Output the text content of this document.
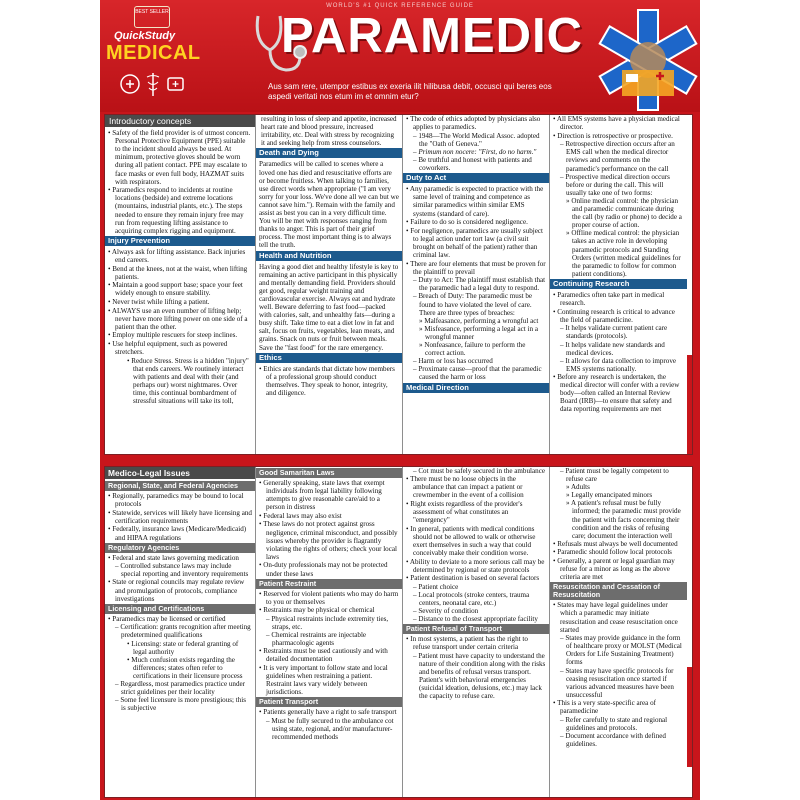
WORLD'S #1 QUICK REFERENCE GUIDE
BEST SELLER
QuickStudy
MEDICAL	PARAMEDIC
Aus sam rere, utempor estibus ex exeria ilit hilibusa debit, occusci qui beres eos aspedi veritati nos etum im et omnim etur?
Introductory concepts
• Safety of the field provider is of utmost concern. Personal Protective Equipment (PPE) suitable to the incident should always be used. At minimum, protective gloves should be worn during all patient contact. PPE may escalate to face masks or even full body, HAZMAT suits with respirators.
• Paramedics respond to incidents at routine locations (bedside) and extreme locations (mountains, industrial plants, etc.). The steps needed to ensure they remain injury free may run from requesting lifting assistance to acquiring complex rigging and equipment.
Injury Prevention
• Always ask for lifting assistance. Back injuries end careers.
• Bend at the knees, not at the waist, when lifting patients.
• Maintain a good support base; space your feet widely enough to ensure stability.
• Never twist while lifting a patient.
• ALWAYS use an even number of lifting help; never have more lifting power on one side of a patient than the other.
• Employ multiple rescuers for steep inclines.
• Use helpful equipment, such as powered stretchers.
• Reduce Stress. Stress is a hidden "injury" that ends careers. We routinely interact with patients and deal with their (and perhaps our) worst nightmares. Over time, this continual bombardment of stressful situations will take its toll,
resulting in loss of sleep and appetite, increased heart rate and blood pressure, increased irritability, etc. Deal with stress by recognizing it and seeking help from stress counselors.
Death and Dying
Paramedics will be called to scenes where a loved one has died and resuscitative efforts are or become fruitless. When talking to families, use direct words when appropriate ("I am very sorry for your loss. We've done all we can but we cannot save him."). Remain with the family and assist as best you can in a very difficult time. You will be met with responses ranging from thanks to anger. This is part of their grief process. The most important thing is to always tell the truth.
Health and Nutrition
Having a good diet and healthy lifestyle is key to remaining an active participant in this physically and mentally demanding field. Providers should get good, regular weight training and cardiovascular exercise. Always eat and hydrate well. Beware deferring to fast food—packed with calories, salt, and unhealthy fats—during a busy shift. Take time to eat a diet low in fat and salt, focus on fruits, vegetables, lean meats, and grains. Snack on nuts or fruit between meals. Save the "fast food" for the rare emergency.
Ethics
• Ethics are standards that dictate how members of a professional group should conduct themselves. They speak to honor, integrity, and diligence.
• The code of ethics adopted by physicians also applies to paramedics.
– 1948—The World Medical Assoc. adopted the "Oath of Geneva."
– Primum non nocere: "First, do no harm."
– Be truthful and honest with patients and coworkers.
Duty to Act
• Any paramedic is expected to practice with the same level of training and competence as similar paramedics within similar EMS systems (standard of care).
• Failure to do so is considered negligence.
• For negligence, paramedics are usually subject to legal action under tort law (a civil suit brought on behalf of the patient) rather than criminal law.
• There are four elements that must be proven for the plaintiff to prevail
– Duty to Act: The plaintiff must establish that the paramedic had a legal duty to respond.
– Breach of Duty: The paramedic must be found to have violated the level of care. There are three types of breaches:
» Malfeasance, performing a wrongful act
» Misfeasance, performing a legal act in a wrongful manner
» Nonfeasance, failure to perform the correct action.
– Harm or loss has occurred
– Proximate cause—proof that the paramedic caused the harm or loss
Medical Direction
• All EMS systems have a physician medical director.
• Direction is retrospective or prospective.
– Retrospective direction occurs after an EMS call when the medical director reviews and comments on the paramedic's performance on the call
– Prospective medical direction occurs before or during the call. This will usually take one of two forms:
» Online medical control: the physician and paramedic communicate during the call (by radio or phone) to decide a proper course of action.
» Offline medical control: the physician takes an active role in developing paramedic protocols and Standing Orders (written medical guidelines for the paramedic to follow for common patient conditions).
Continuing Research
• Paramedics often take part in medical research.
• Continuing research is critical to advance the field of paramedicine.
– It helps validate current patient care standards (protocols).
– It helps validate new standards and medical devices.
– It allows for data collection to improve EMS systems nationally.
• Before any research is undertaken, the medical director will confer with a review body—often called an Internal Review Board (IRB)—to ensure that safety and data reporting requirements are met
Medico-Legal Issues
Regional, State, and Federal Agencies
• Regionally, paramedics may be bound to local protocols
• Statewide, services will likely have licensing and certification requirements
• Federally, insurance laws (Medicare/Medicaid) and HIPAA regulations
Regulatory Agencies
• Federal and state laws governing medication
– Controlled substance laws may include special reporting and inventory requirements
• State or regional councils may regulate review and promulgation of protocols, compliance investigations
Licensing and Certifications
• Paramedics may be licensed or certified
– Certification: grants recognition after meeting predetermined qualifications
• Licensing: state or federal granting of legal authority
• Much confusion exists regarding the differences; states often refer to certifications in their licensure process
– Regardless, most paramedics practice under strict guidelines per their locality
– Some feel licensure is more prestigious; this is subjective
Good Samaritan Laws
• Generally speaking, state laws that exempt individuals from legal liability following attempts to give reasonable care/aid to a person in distress
• Federal laws may also exist
• These laws do not protect against gross negligence, criminal misconduct, and possibly issues whereby the provider is flagrantly violating the rights of others; check your local laws
• On-duty professionals may not be protected under these laws
Patient Restraint
• Reserved for violent patients who may do harm to you or themselves
• Restraints may be physical or chemical
– Physical restraints include extremity ties, straps, etc.
– Chemical restraints are injectable pharmacologic agents
• Restraints must be used cautiously and with detailed documentation
• It is very important to follow state and local guidelines when restraining a patient. Restraint laws vary widely between jurisdictions.
Patient Transport
• Patients generally have a right to safe transport
– Must be fully secured to the ambulance cot using state, regional, and/or manufacturer-recommended methods
– Cot must be safely secured in the ambulance
• There must be no loose objects in the ambulance that can impact a patient or crewmember in the event of a collision
• Right exists regardless of the provider's assessment of what constitutes an "emergency"
• In general, patients with medical conditions should not be allowed to walk or otherwise exert themselves in such a way that could conceivably make their condition worse.
• Ability to deviate to a more serious call may be determined by regional or state protocols
• Patient destination is based on several factors
– Patient choice
– Local protocols (stroke centers, trauma centers, neonatal care, etc.)
– Severity of condition
– Distance to the closest appropriate facility
Patient Refusal of Transport
• In most systems, a patient has the right to refuse transport under certain criteria
– Patient must have capacity to understand the nature of their condition along with the risks and benefits of refusal versus transport. Patient's with behavioral emergencies (suicidal ideation, delusions, etc.) may lack the capacity to refuse care.
– Patient must be legally competent to refuse care
» Adults
» Legally emancipated minors
» A patient's refusal must be fully informed; the paramedic must provide the patient with facts concerning their condition and the risks of refusing care; document the interaction well
• Refusals must always be well documented
• Paramedic should follow local protocols
• Generally, a parent or legal guardian may refuse for a minor as long as the above criteria are met
Resuscitation and Cessation of Resuscitation
• States may have legal guidelines under which a paramedic may initiate resuscitation and cease resuscitation once started
– States may provide guidance in the form of healthcare proxy or MOLST (Medical Orders for Life Sustaining Treatment) forms
– States may have specific protocols for ceasing resuscitation once started if various advanced measures have been unsuccessful
• This is a very state-specific area of paramedicine
– Refer carefully to state and regional guidelines and protocols.
– Document accordance with defined guidelines.
